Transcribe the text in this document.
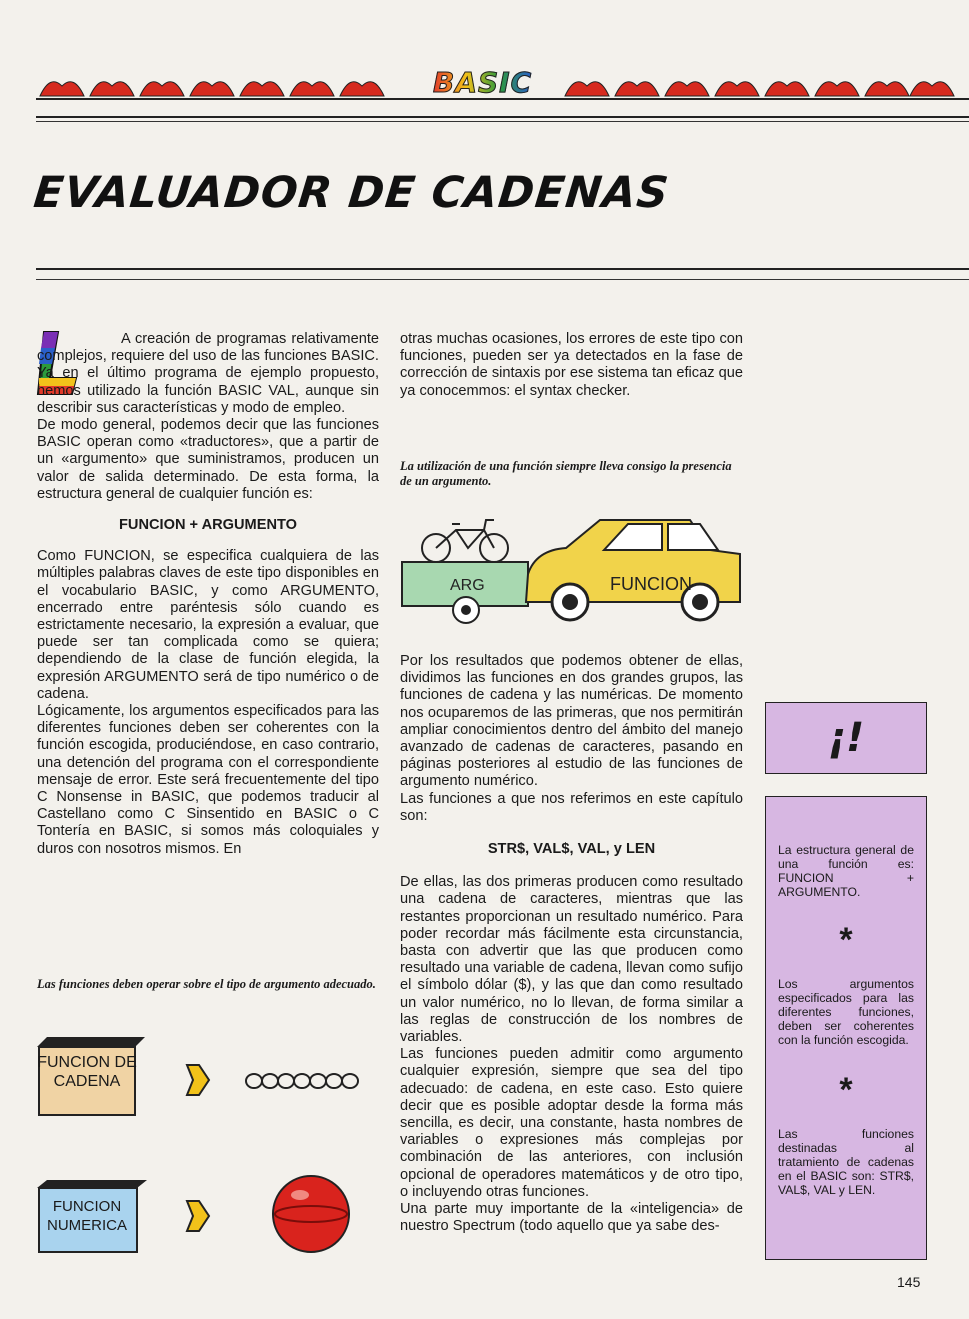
BASIC
EVALUADOR DE CADENAS

A creación de programas relativamente complejos, requiere del uso de las funciones BASIC. Ya en el último programa de ejemplo propuesto, hemos utilizado la función BASIC VAL, aunque sin describir sus características y modo de empleo.

De modo general, podemos decir que las funciones BASIC operan como «traductores», que a partir de un «argumento» que suministramos, producen un valor de salida determinado. De esta forma, la estructura general de cualquier función es:

FUNCION + ARGUMENTO

Como FUNCION, se especifica cualquiera de las múltiples palabras claves de este tipo disponibles en el vocabulario BASIC, y como ARGUMENTO, encerrado entre paréntesis sólo cuando es estrictamente necesario, la expresión a evaluar, que puede ser tan complicada como se quiera; dependiendo de la clase de función elegida, la expresión ARGUMENTO será de tipo numérico o de cadena.

Lógicamente, los argumentos especificados para las diferentes funciones deben ser coherentes con la función escogida, produciéndose, en caso contrario, una detención del programa con el correspondiente mensaje de error. Este será frecuentemente del tipo C Nonsense in BASIC, que podemos traducir al Castellano como C Sinsentido en BASIC o C Tontería en BASIC, si somos más coloquiales y duros con nosotros mismos. En

Las funciones deben operar sobre el tipo de argumento adecuado.
FUNCION DE CADENA
FUNCION NUMERICA

otras muchas ocasiones, los errores de este tipo con funciones, pueden ser ya detectados en la fase de corrección de sintaxis por ese sistema tan eficaz que ya conocemmos: el syntax checker.

La utilización de una función siempre lleva consigo la presencia de un argumento.
ARG	FUNCION

Por los resultados que podemos obtener de ellas, dividimos las funciones en dos grandes grupos, las funciones de cadena y las numéricas. De momento nos ocuparemos de las primeras, que nos permitirán ampliar conocimientos dentro del ámbito del manejo avanzado de cadenas de caracteres, pasando en páginas posteriores al estudio de las funciones de argumento numérico.

Las funciones a que nos referimos en este capítulo son:

STR$, VAL$, VAL, y LEN

De ellas, las dos primeras producen como resultado una cadena de caracteres, mientras que las restantes proporcionan un resultado numérico. Para poder recordar más fácilmente esta circunstancia, basta con advertir que las que producen como resultado una variable de cadena, llevan como sufijo el símbolo dólar ($), y las que dan como resultado un valor numérico, no lo llevan, de forma similar a las reglas de construcción de los nombres de variables.

Las funciones pueden admitir como argumento cualquier expresión, siempre que sea del tipo adecuado: de cadena, en este caso. Esto quiere decir que es posible adoptar desde la forma más sencilla, es decir, una constante, hasta nombres de variables o expresiones más complejas por combinación de las anteriores, con inclusión opcional de operadores matemáticos y de otro tipo, o incluyendo otras funciones.

Una parte muy importante de la «inteligencia» de nuestro Spectrum (todo aquello que ya sabe des-

¡!
La estructura general de una función es: FUNCION + ARGUMENTO.
*
Los argumentos especificados para las diferentes funciones, deben ser coherentes con la función escogida.
*
Las funciones destinadas al tratamiento de cadenas en el BASIC son: STR$, VAL$, VAL y LEN.
145
